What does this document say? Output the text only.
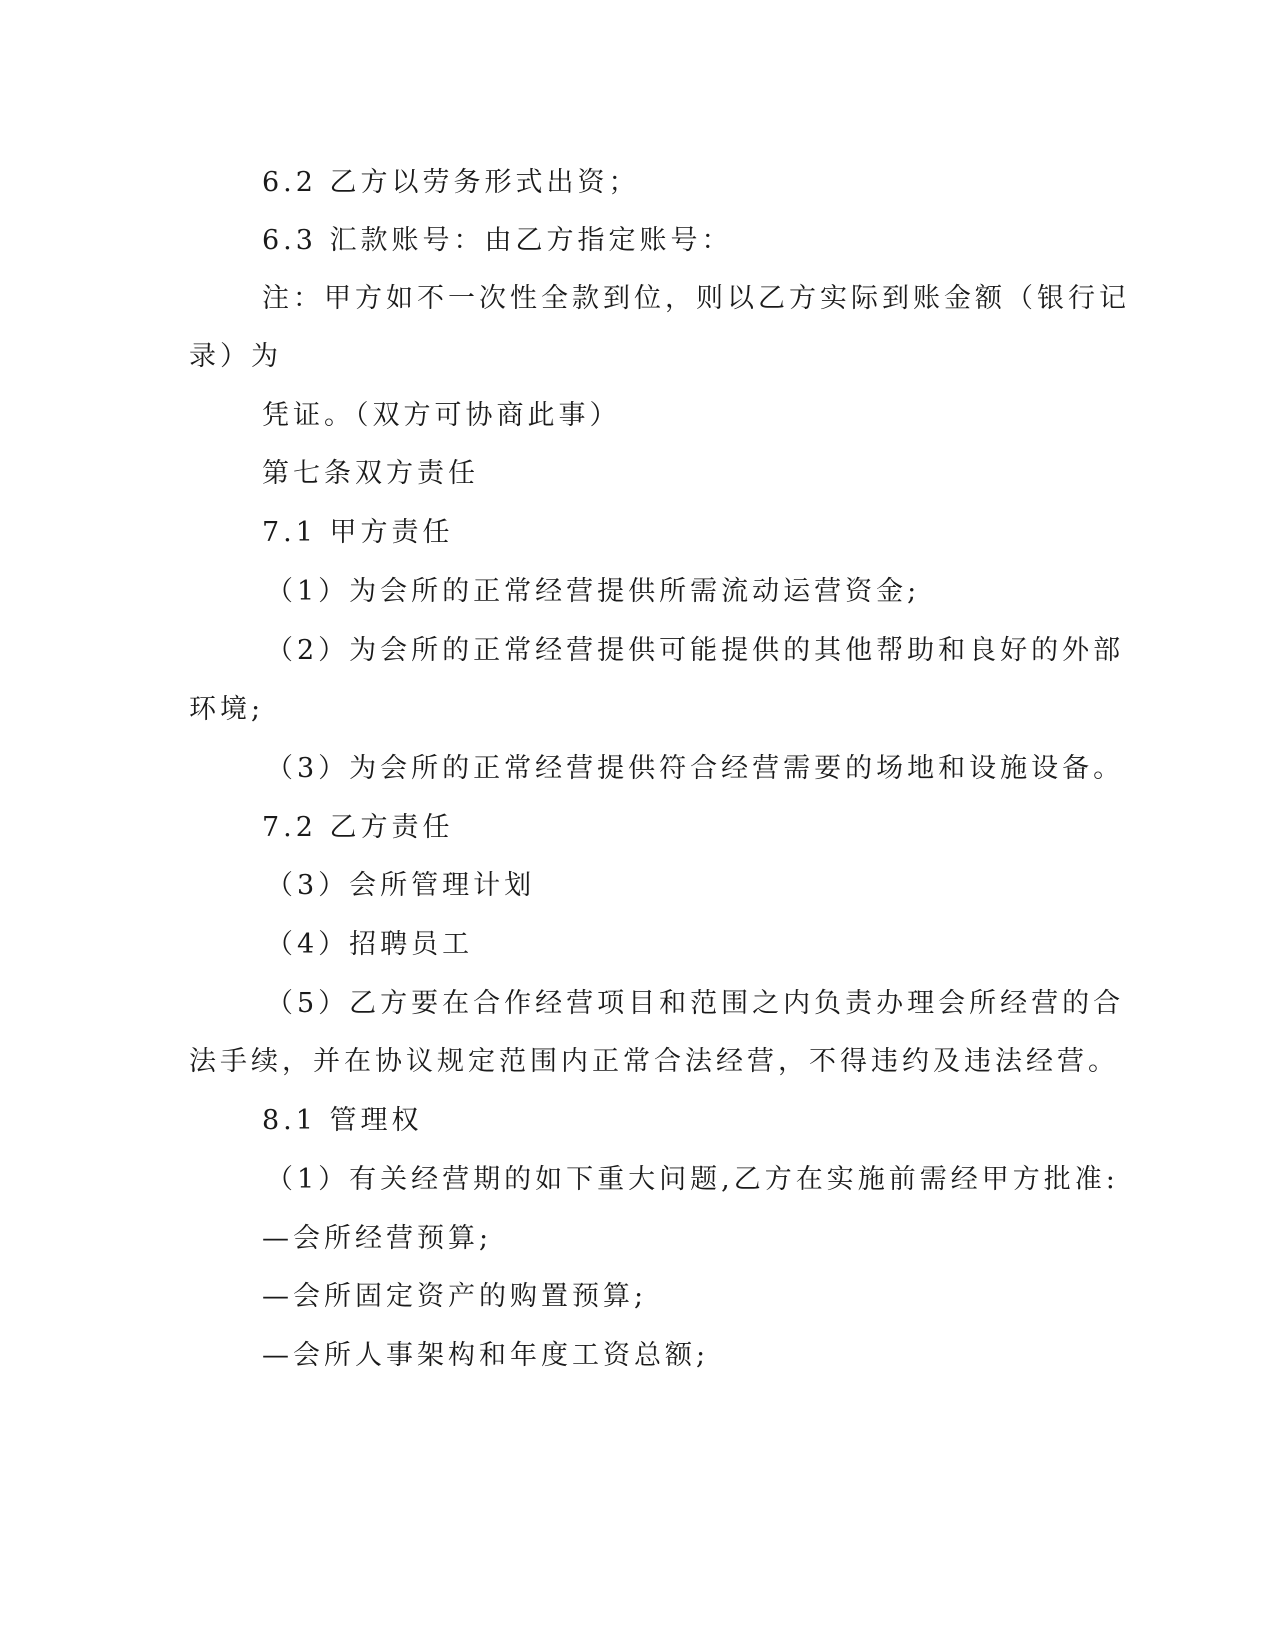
6.2 乙方以劳务形式出资；
6.3 汇款账号：由乙方指定账号：
注：甲方如不一次性全款到位，则以乙方实际到账金额（银行记
录）为
凭证。（双方可协商此事）
第七条双方责任
7.1 甲方责任
（1）为会所的正常经营提供所需流动运营资金;
（2）为会所的正常经营提供可能提供的其他帮助和良好的外部
环境;
（3）为会所的正常经营提供符合经营需要的场地和设施设备。
7.2 乙方责任
（3）会所管理计划
（4）招聘员工
（5）乙方要在合作经营项目和范围之内负责办理会所经营的合
法手续，并在协议规定范围内正常合法经营，不得违约及违法经营。
8.1 管理权
（1）有关经营期的如下重大问题,乙方在实施前需经甲方批准:
—会所经营预算;
—会所固定资产的购置预算;
—会所人事架构和年度工资总额;
